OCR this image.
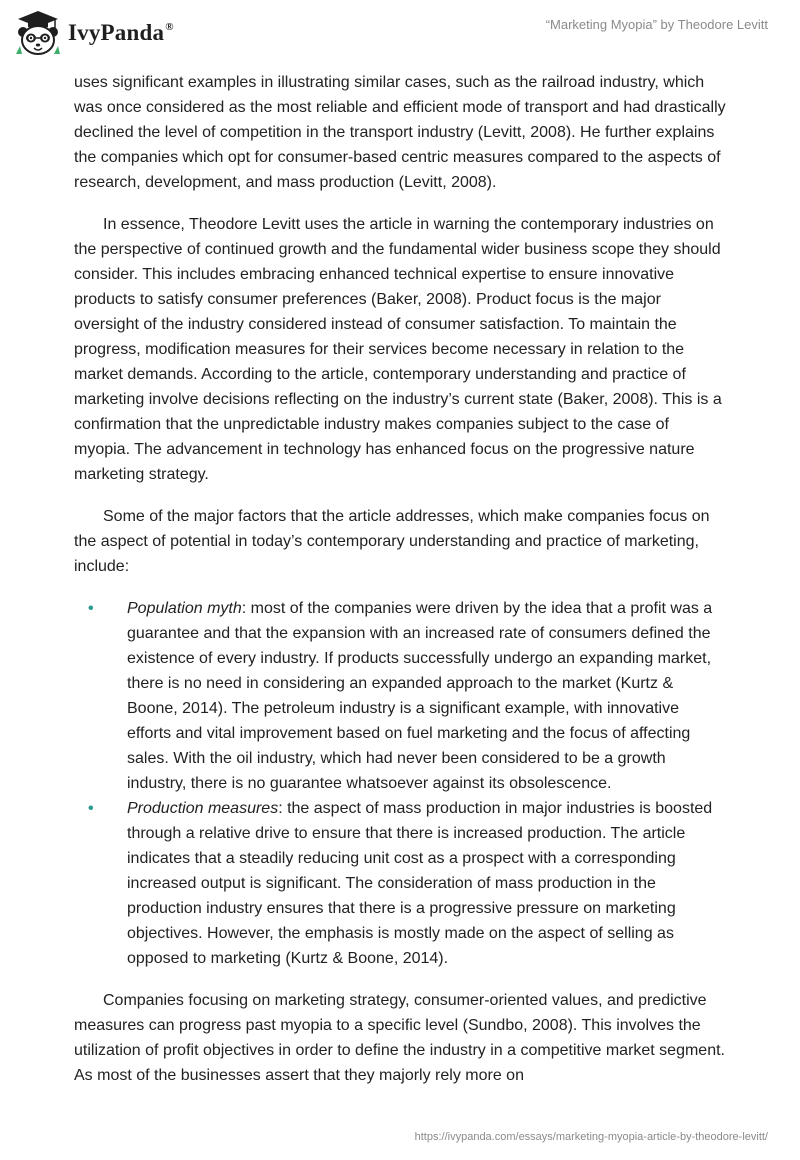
IvyPanda®	“Marketing Myopia” by Theodore Levitt

uses significant examples in illustrating similar cases, such as the railroad industry, which was once considered as the most reliable and efficient mode of transport and had drastically declined the level of competition in the transport industry (Levitt, 2008). He further explains the companies which opt for consumer-based centric measures compared to the aspects of research, development, and mass production (Levitt, 2008).

In essence, Theodore Levitt uses the article in warning the contemporary industries on the perspective of continued growth and the fundamental wider business scope they should consider. This includes embracing enhanced technical expertise to ensure innovative products to satisfy consumer preferences (Baker, 2008). Product focus is the major oversight of the industry considered instead of consumer satisfaction. To maintain the progress, modification measures for their services become necessary in relation to the market demands. According to the article, contemporary understanding and practice of marketing involve decisions reflecting on the industry’s current state (Baker, 2008). This is a confirmation that the unpredictable industry makes companies subject to the case of myopia. The advancement in technology has enhanced focus on the progressive nature marketing strategy.

Some of the major factors that the article addresses, which make companies focus on the aspect of potential in today’s contemporary understanding and practice of marketing, include:

• Population myth: most of the companies were driven by the idea that a profit was a guarantee and that the expansion with an increased rate of consumers defined the existence of every industry. If products successfully undergo an expanding market, there is no need in considering an expanded approach to the market (Kurtz & Boone, 2014). The petroleum industry is a significant example, with innovative efforts and vital improvement based on fuel marketing and the focus of affecting sales. With the oil industry, which had never been considered to be a growth industry, there is no guarantee whatsoever against its obsolescence.
• Production measures: the aspect of mass production in major industries is boosted through a relative drive to ensure that there is increased production. The article indicates that a steadily reducing unit cost as a prospect with a corresponding increased output is significant. The consideration of mass production in the production industry ensures that there is a progressive pressure on marketing objectives. However, the emphasis is mostly made on the aspect of selling as opposed to marketing (Kurtz & Boone, 2014).

Companies focusing on marketing strategy, consumer-oriented values, and predictive measures can progress past myopia to a specific level (Sundbo, 2008). This involves the utilization of profit objectives in order to define the industry in a competitive market segment. As most of the businesses assert that they majorly rely more on

https://ivypanda.com/essays/marketing-myopia-article-by-theodore-levitt/
